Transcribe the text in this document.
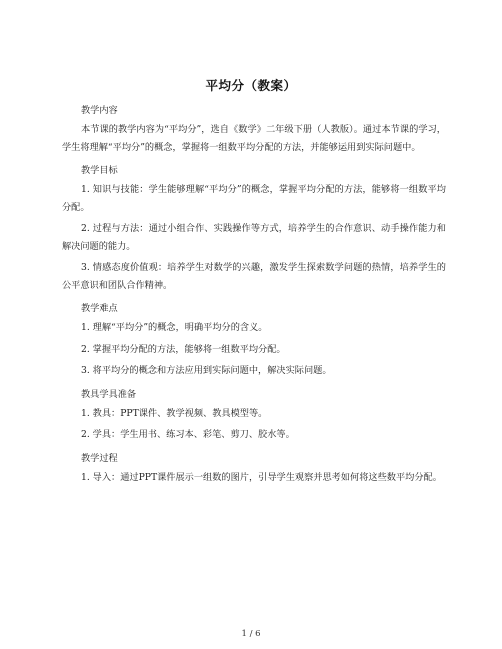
平均分（教案）
教学内容
本节课的教学内容为“平均分”，选自《数学》二年级下册（人教版）。通过本节课的学习，学生将理解“平均分”的概念，掌握将一组数平均分配的方法，并能够运用到实际问题中。
教学目标
1. 知识与技能：学生能够理解“平均分”的概念，掌握平均分配的方法，能够将一组数平均分配。
2. 过程与方法：通过小组合作、实践操作等方式，培养学生的合作意识、动手操作能力和解决问题的能力。
3. 情感态度价值观：培养学生对数学的兴趣，激发学生探索数学问题的热情，培养学生的公平意识和团队合作精神。
教学难点
1. 理解“平均分”的概念，明确平均分的含义。
2. 掌握平均分配的方法，能够将一组数平均分配。
3. 将平均分的概念和方法应用到实际问题中，解决实际问题。
教具学具准备
1. 教具：PPT课件、教学视频、教具模型等。
2. 学具：学生用书、练习本、彩笔、剪刀、胶水等。
教学过程
1. 导入：通过PPT课件展示一组数的图片，引导学生观察并思考如何将这些数平均分配。
1 / 6
